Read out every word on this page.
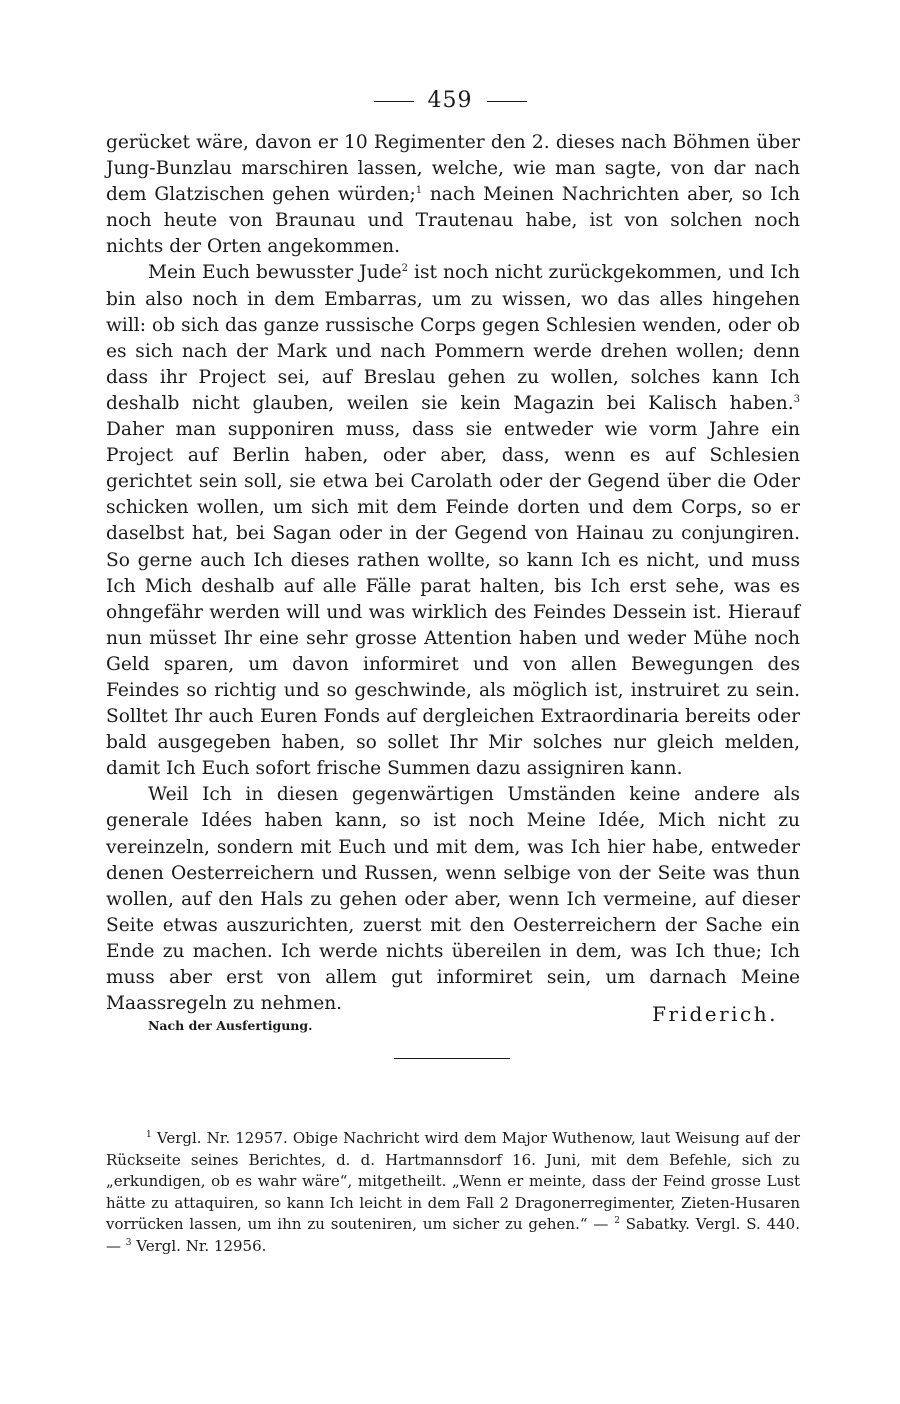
459

gerücket wäre, davon er 10 Regimenter den 2. dieses nach Böhmen über Jung-Bunzlau marschiren lassen, welche, wie man sagte, von dar nach dem Glatzischen gehen würden;$^1$ nach Meinen Nachrichten aber, so Ich noch heute von Braunau und Trautenau habe, ist von solchen noch nichts der Orten angekommen.

Mein Euch bewusster Jude$^2$ ist noch nicht zurückgekommen, und Ich bin also noch in dem Embarras, um zu wissen, wo das alles hingehen will: ob sich das ganze russische Corps gegen Schlesien wenden, oder ob es sich nach der Mark und nach Pommern werde drehen wollen; denn dass ihr Project sei, auf Breslau gehen zu wollen, solches kann Ich deshalb nicht glauben, weilen sie kein Magazin bei Kalisch haben.$^3$ Daher man supponiren muss, dass sie entweder wie vorm Jahre ein Project auf Berlin haben, oder aber, dass, wenn es auf Schlesien gerichtet sein soll, sie etwa bei Carolath oder der Gegend über die Oder schicken wollen, um sich mit dem Feinde dorten und dem Corps, so er daselbst hat, bei Sagan oder in der Gegend von Hainau zu conjungiren. So gerne auch Ich dieses rathen wollte, so kann Ich es nicht, und muss Ich Mich deshalb auf alle Fälle parat halten, bis Ich erst sehe, was es ohngefähr werden will und was wirklich des Feindes Dessein ist. Hierauf nun müsset Ihr eine sehr grosse Attention haben und weder Mühe noch Geld sparen, um davon informiret und von allen Bewegungen des Feindes so richtig und so geschwinde, als möglich ist, instruiret zu sein. Solltet Ihr auch Euren Fonds auf dergleichen Extraordinaria bereits oder bald ausgegeben haben, so sollet Ihr Mir solches nur gleich melden, damit Ich Euch sofort frische Summen dazu assigniren kann.

Weil Ich in diesen gegenwärtigen Umständen keine andere als generale Idées haben kann, so ist noch Meine Idée, Mich nicht zu vereinzeln, sondern mit Euch und mit dem, was Ich hier habe, entweder denen Oesterreichern und Russen, wenn selbige von der Seite was thun wollen, auf den Hals zu gehen oder aber, wenn Ich vermeine, auf dieser Seite etwas auszurichten, zuerst mit den Oesterreichern der Sache ein Ende zu machen. Ich werde nichts übereilen in dem, was Ich thue; Ich muss aber erst von allem gut informiret sein, um darnach Meine Maassregeln zu nehmen.

Nach der Ausfertigung.	Friderich.
$^1$ Vergl. Nr. 12957. Obige Nachricht wird dem Major Wuthenow, laut Weisung auf der Rückseite seines Berichtes, d. d. Hartmannsdorf 16. Juni, mit dem Befehle, sich zu „erkundigen, ob es wahr wäre“, mitgetheilt. „Wenn er meinte, dass der Feind grosse Lust hätte zu attaquiren, so kann Ich leicht in dem Fall 2 Dragonerregimenter, Zieten-Husaren vorrücken lassen, um ihn zu souteniren, um sicher zu gehen.“ — $^2$ Sabatky. Vergl. S. 440. — $^3$ Vergl. Nr. 12956.
